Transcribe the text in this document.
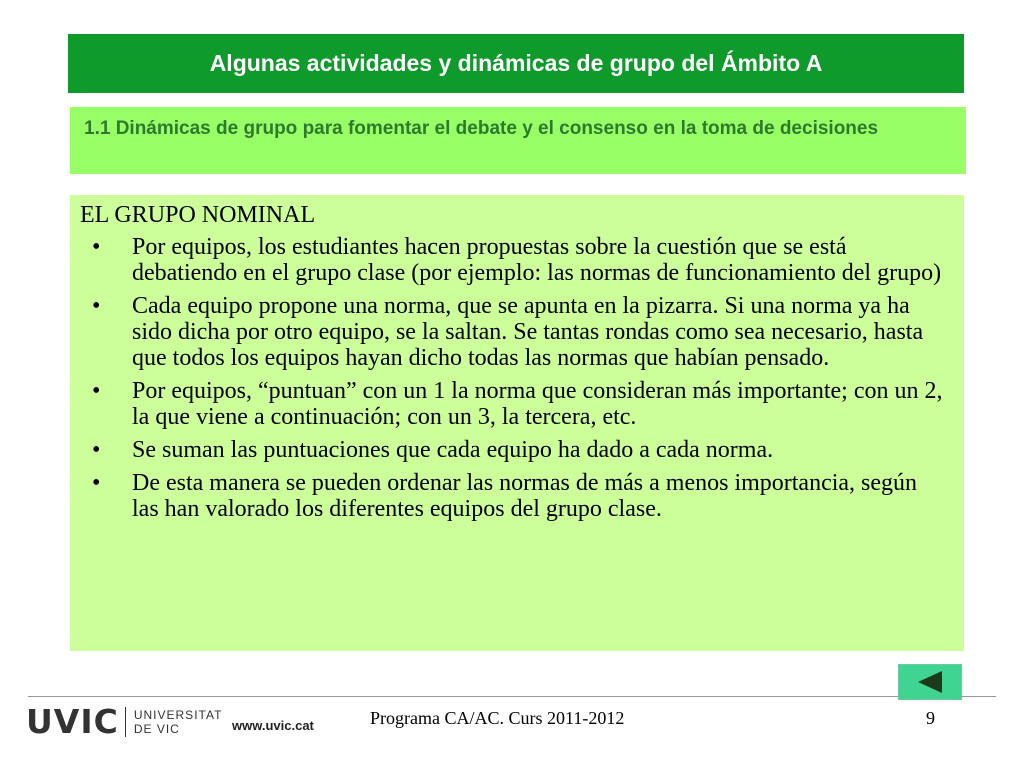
Algunas actividades y dinámicas de grupo del Ámbito A
1.1 Dinámicas de grupo para fomentar el debate y el consenso en la toma de decisiones
EL GRUPO NOMINAL
• Por equipos, los estudiantes hacen propuestas sobre la cuestión que se está debatiendo en el grupo clase (por ejemplo: las normas de funcionamiento del grupo)
• Cada equipo propone una norma, que se apunta en la pizarra. Si una norma ya ha sido dicha por otro equipo, se la saltan. Se tantas rondas como sea necesario, hasta que todos los equipos hayan dicho todas las normas que habían pensado.
• Por equipos, “puntuan” con un 1 la norma que consideran más importante; con un 2, la que viene a continuación; con un 3, la tercera, etc.
• Se suman las puntuaciones que cada equipo ha dado a cada norma.
• De esta manera se pueden ordenar las normas de más a menos importancia, según las han valorado los diferentes equipos del grupo clase.
UVIC UNIVERSITAT
DE VIC	www.uvic.cat	Programa CA/AC. Curs 2011-2012	9
